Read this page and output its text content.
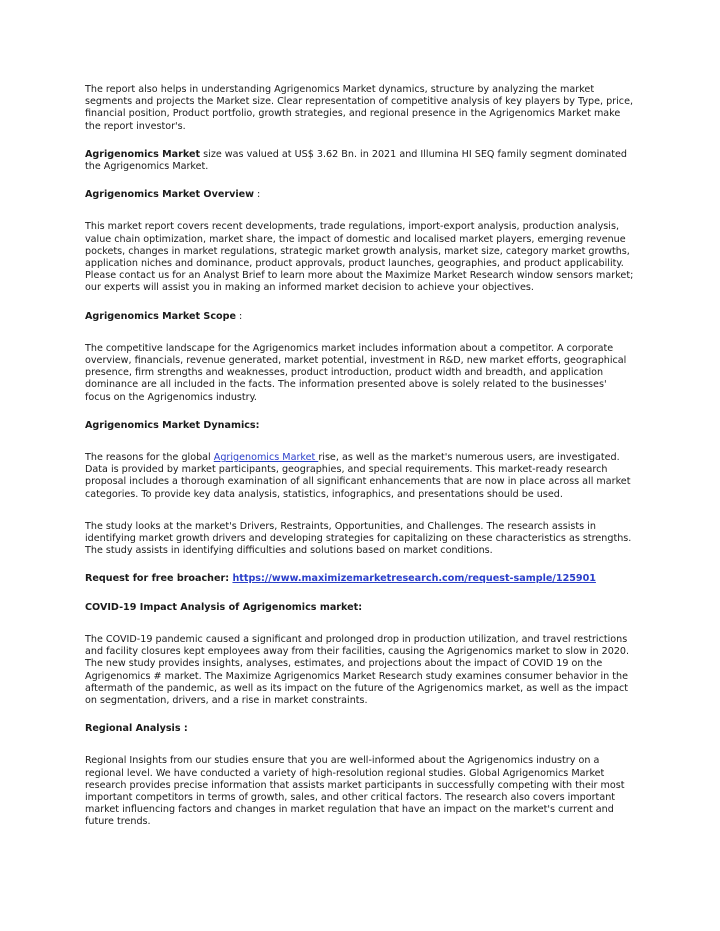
The report also helps in understanding Agrigenomics Market dynamics, structure by analyzing the market segments and projects the Market size. Clear representation of competitive analysis of key players by Type, price, financial position, Product portfolio, growth strategies, and regional presence in the Agrigenomics Market make the report investor's.

Agrigenomics Market size was valued at US$ 3.62 Bn. in 2021 and Illumina HI SEQ family segment dominated the Agrigenomics Market.

Agrigenomics Market Overview :

This market report covers recent developments, trade regulations, import-export analysis, production analysis, value chain optimization, market share, the impact of domestic and localised market players, emerging revenue pockets, changes in market regulations, strategic market growth analysis, market size, category market growths, application niches and dominance, product approvals, product launches, geographies, and product applicability. Please contact us for an Analyst Brief to learn more about the Maximize Market Research window sensors market; our experts will assist you in making an informed market decision to achieve your objectives.

Agrigenomics Market Scope :

The competitive landscape for the Agrigenomics market includes information about a competitor. A corporate overview, financials, revenue generated, market potential, investment in R&D, new market efforts, geographical presence, firm strengths and weaknesses, product introduction, product width and breadth, and application dominance are all included in the facts. The information presented above is solely related to the businesses' focus on the Agrigenomics industry.

Agrigenomics Market Dynamics:

The reasons for the global Agrigenomics Market rise, as well as the market's numerous users, are investigated. Data is provided by market participants, geographies, and special requirements. This market-ready research proposal includes a thorough examination of all significant enhancements that are now in place across all market categories. To provide key data analysis, statistics, infographics, and presentations should be used.

The study looks at the market's Drivers, Restraints, Opportunities, and Challenges. The research assists in identifying market growth drivers and developing strategies for capitalizing on these characteristics as strengths. The study assists in identifying difficulties and solutions based on market conditions.

Request for free broacher: https://www.maximizemarketresearch.com/request-sample/125901

COVID-19 Impact Analysis of Agrigenomics market:

The COVID-19 pandemic caused a significant and prolonged drop in production utilization, and travel restrictions and facility closures kept employees away from their facilities, causing the Agrigenomics market to slow in 2020. The new study provides insights, analyses, estimates, and projections about the impact of COVID 19 on the Agrigenomics # market. The Maximize Agrigenomics Market Research study examines consumer behavior in the aftermath of the pandemic, as well as its impact on the future of the Agrigenomics market, as well as the impact on segmentation, drivers, and a rise in market constraints.

Regional Analysis :

Regional Insights from our studies ensure that you are well-informed about the Agrigenomics industry on a regional level. We have conducted a variety of high-resolution regional studies. Global Agrigenomics Market research provides precise information that assists market participants in successfully competing with their most important competitors in terms of growth, sales, and other critical factors. The research also covers important market influencing factors and changes in market regulation that have an impact on the market's current and future trends.
